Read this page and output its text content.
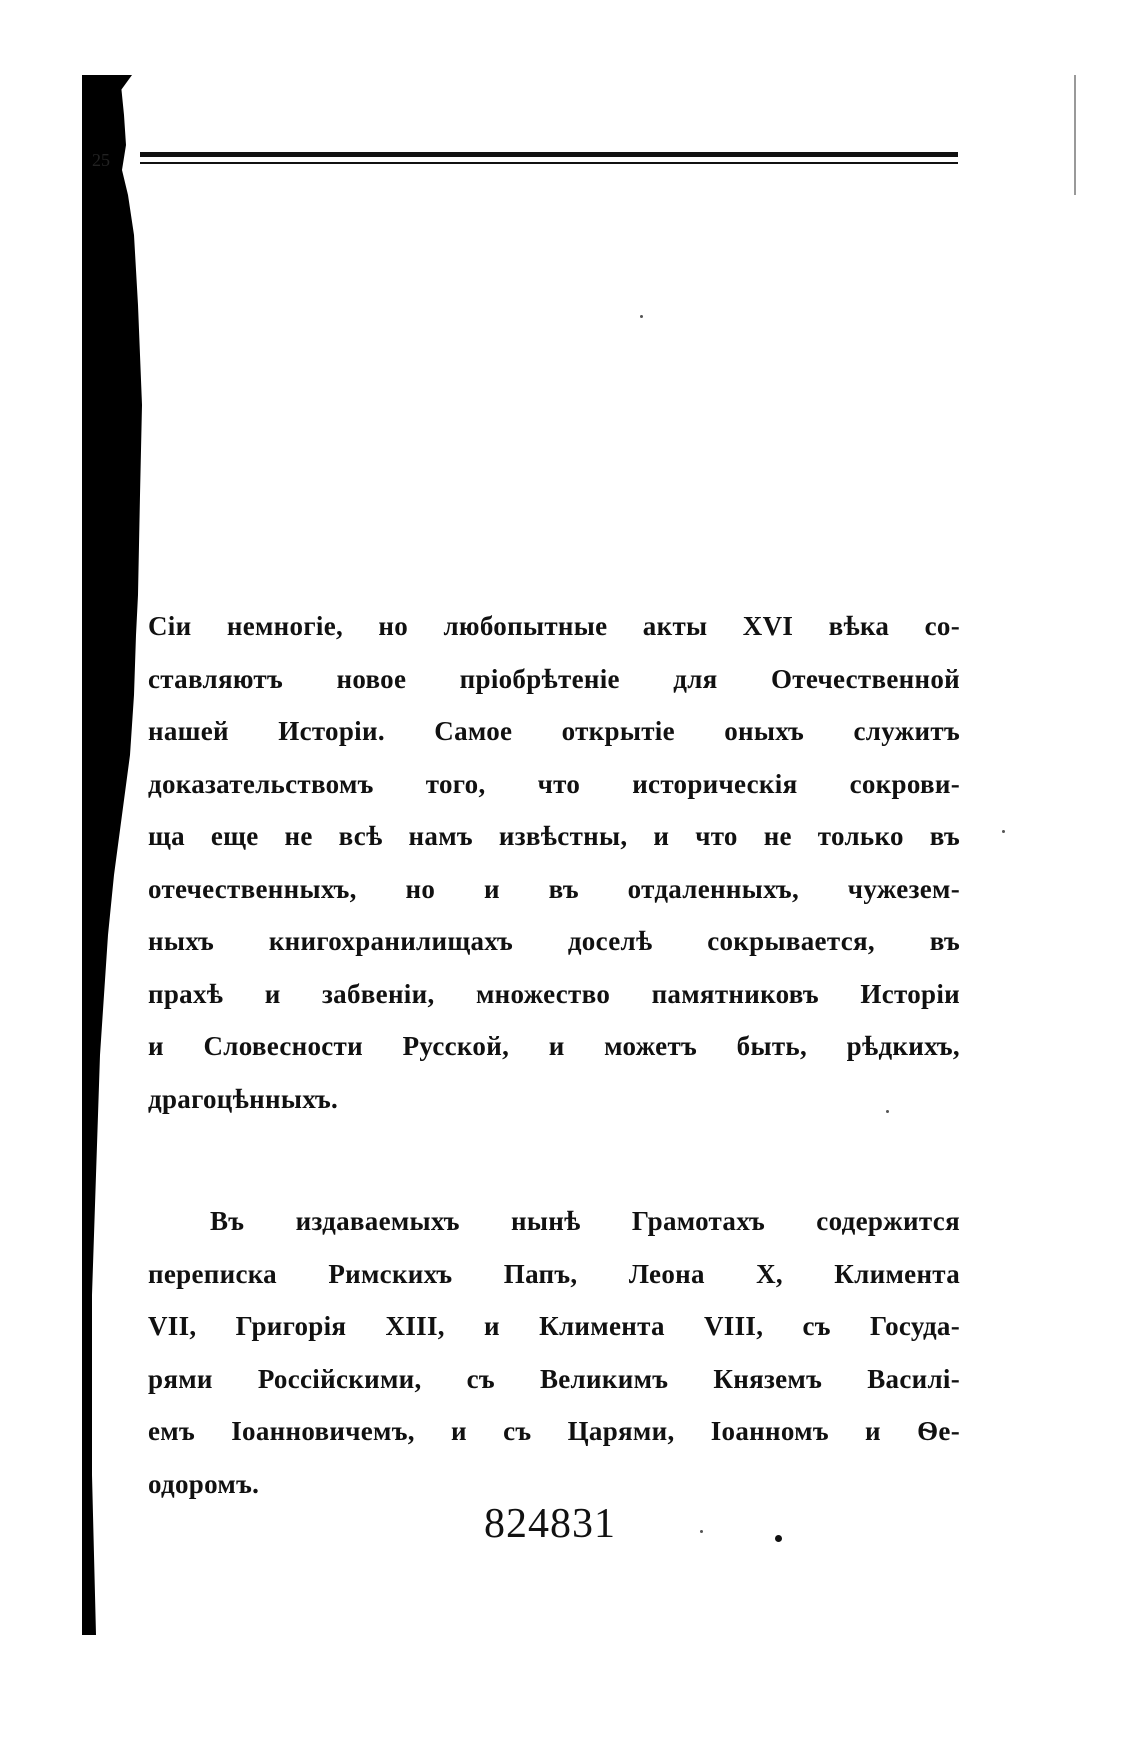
25
Сiи немногiе, но любопытные акты XVI вѣка со-
ставляютъ новое прiобрѣтенiе для Отечественной
нашей Исторiи. Самое открытiе оныхъ служитъ
доказательствомъ того, что историческiя сокрови-
ща еще не всѣ намъ извѣстны, и что не только въ
отечественныхъ, но и въ отдаленныхъ, чужезем-
ныхъ книгохранилищахъ доселѣ сокрывается, въ
прахѣ и забвенiи, множество памятниковъ Исторiи
и Словесности Русской, и можетъ быть, рѣдкихъ,
драгоцѣнныхъ.
Въ издаваемыхъ нынѣ Грамотахъ содержится
переписка Римскихъ Папъ, Леона X, Климента
VII, Григорiя XIII, и Климента VIII, съ Госуда-
рями Россiйскими, съ Великимъ Княземъ Василi-
емъ Iоанновичемъ, и съ Царями, Iоанномъ и Ѳе-
одоромъ.
824831
